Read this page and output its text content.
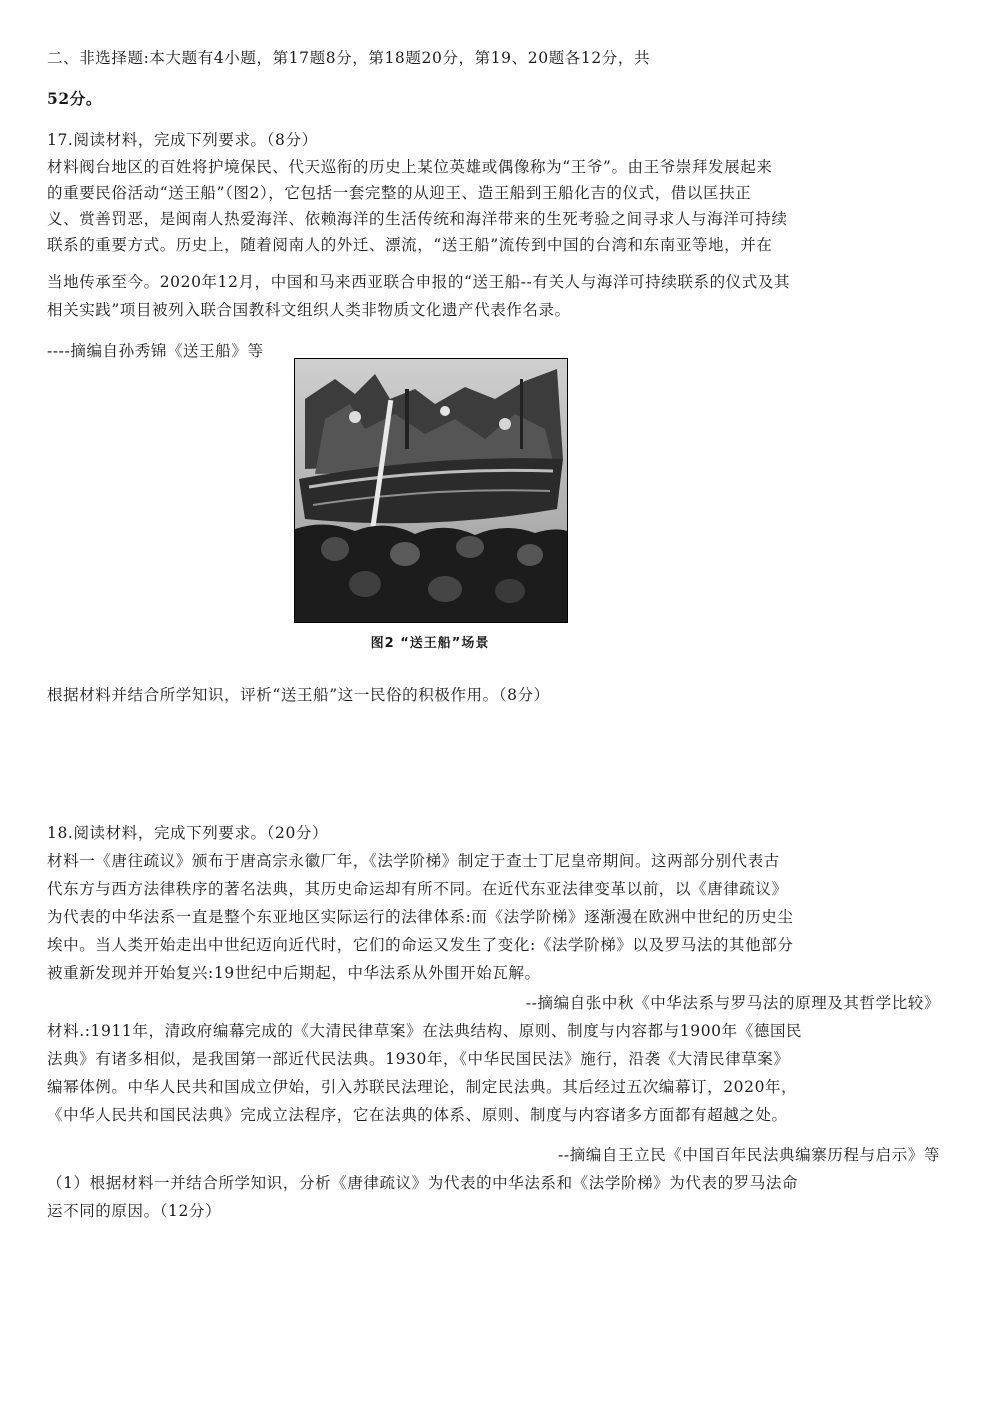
二、非选择题:本大题有4小题，第17题8分，第18题20分，第19、20题各12分，共
52分。
17.阅读材料，完成下列要求。（8分）
材料阀台地区的百姓将护境保民、代天巡衔的历史上某位英雄或偶像称为“王爷”。由王爷崇拜发展起来
的重要民俗活动“送王船”（图2），它包括一套完整的从迎王、造王船到王船化吉的仪式，借以匡扶正
义、赏善罚恶，是闽南人热爱海洋、依赖海洋的生活传统和海洋带来的生死考验之间寻求人与海洋可持续
联系的重要方式。历史上，随着阅南人的外迁、漂流，“送王船”流传到中国的台湾和东南亚等地，并在
当地传承至今。2020年12月，中国和马来西亚联合申报的“送王船--有关人与海洋可持续联系的仪式及其
相关实践”项目被列入联合国教科文组织人类非物质文化遗产代表作名录。
----摘编自孙秀锦《送王船》等
图2 “送王船”场景
根据材料并结合所学知识，评析“送王船”这一民俗的积极作用。（8分）
18.阅读材料，完成下列要求。（20分）
材料一《唐往疏议》颁布于唐高宗永徽厂年，《法学阶梯》制定于查士丁尼皇帝期间。这两部分别代表古
代东方与西方法律秩序的著名法典，其历史命运却有所不同。在近代东亚法律变革以前，以《唐律疏议》
为代表的中华法系一直是整个东亚地区实际运行的法律体系:而《法学阶梯》逐渐漫在欧洲中世纪的历史尘
埃中。当人类开始走出中世纪迈向近代时，它们的命运又发生了变化:《法学阶梯》以及罗马法的其他部分
被重新发现并开始复兴:19世纪中后期起，中华法系从外围开始瓦解。
--摘编自张中秋《中华法系与罗马法的原理及其哲学比较》
材料.:1911年，清政府编幕完成的《大清民律草案》在法典结构、原则、制度与内容都与1900年《德国民
法典》有诸多相似，是我国第一部近代民法典。1930年，《中华民国民法》施行，沿袭《大清民律草案》
编幂体例。中华人民共和国成立伊始，引入苏联民法理论，制定民法典。其后经过五次编幕订，2020年，
《中华人民共和国民法典》完成立法程序，它在法典的体系、原则、制度与内容诸多方面都有超越之处。
--摘编自王立民《中国百年民法典编寨历程与启示》等
（1）根据材料一并结合所学知识，分析《唐律疏议》为代表的中华法系和《法学阶梯》为代表的罗马法命
运不同的原因。（12分）
